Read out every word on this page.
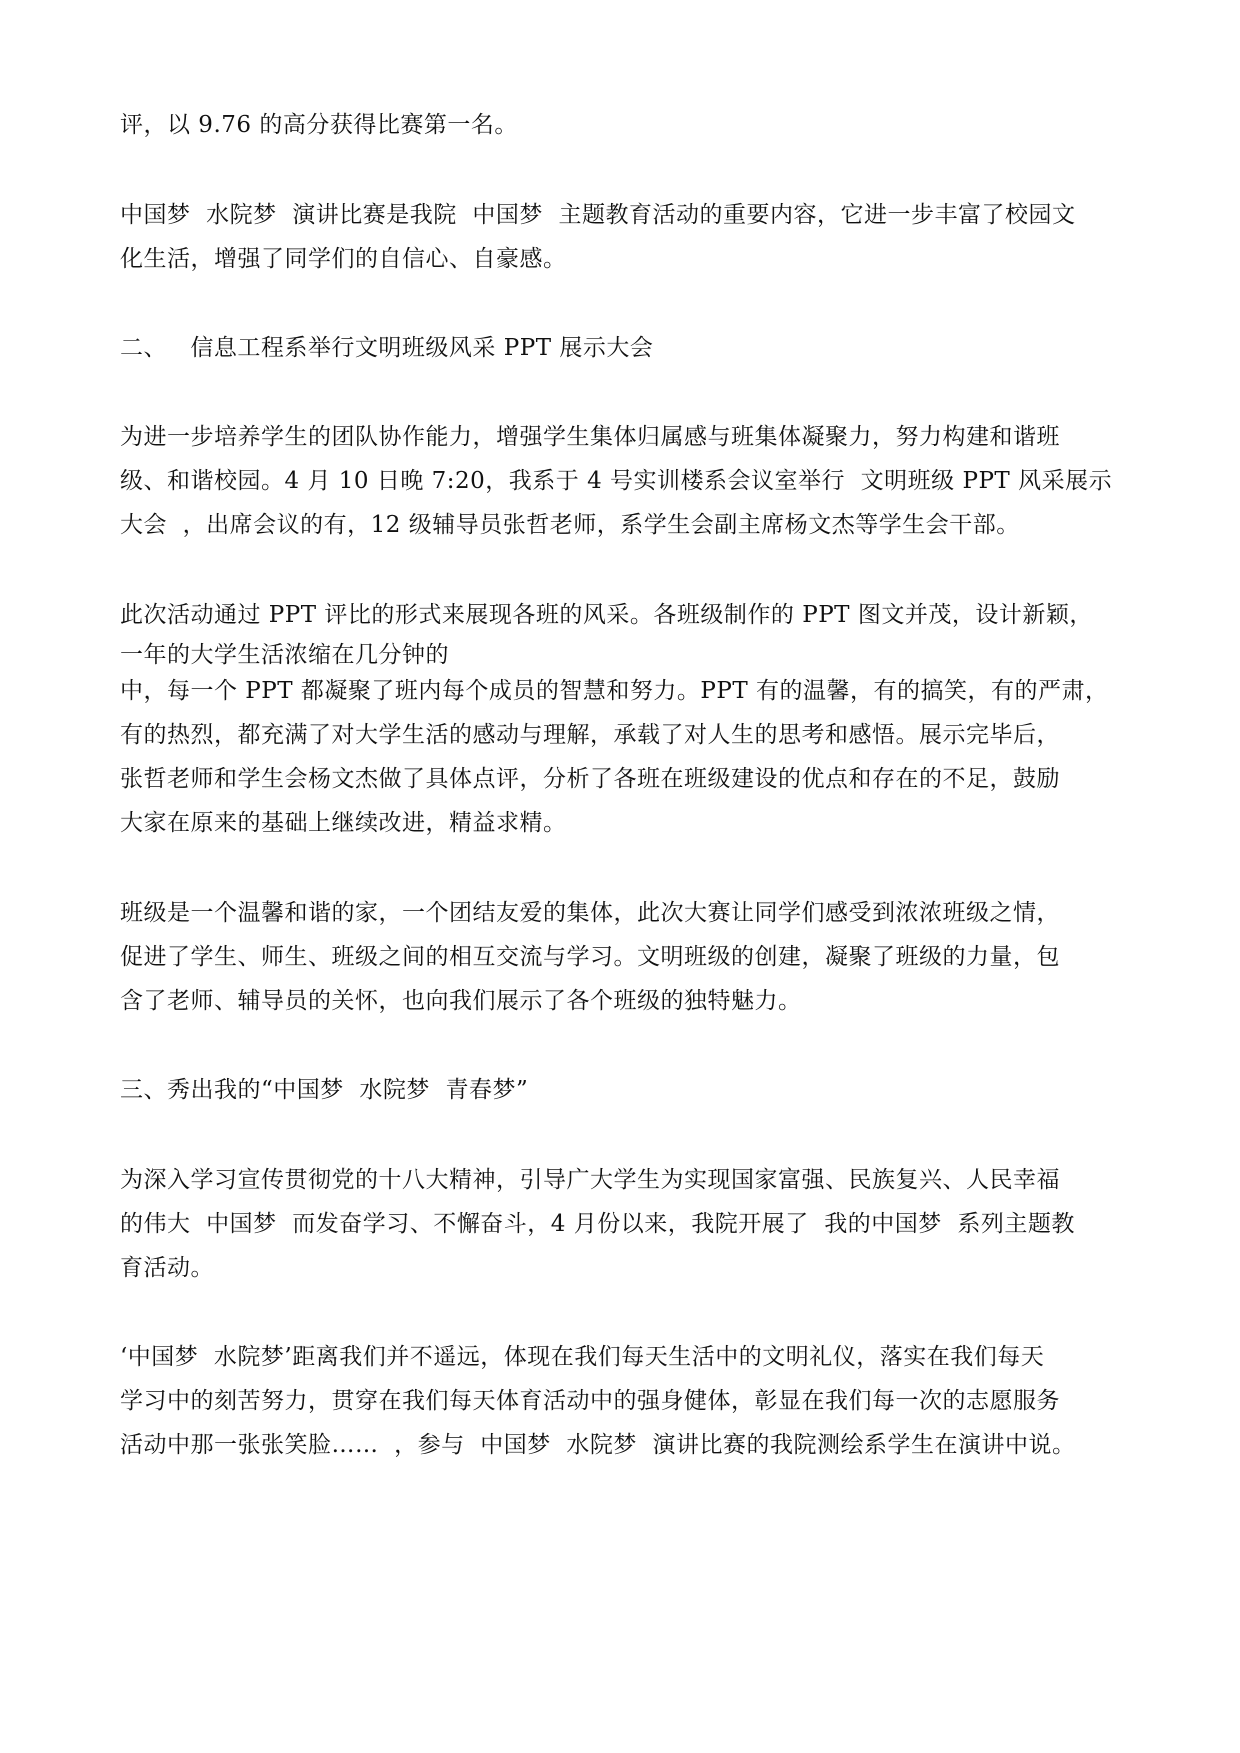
评，以 9.76 的高分获得比赛第一名。
中国梦  水院梦  演讲比赛是我院  中国梦  主题教育活动的重要内容，它进一步丰富了校园文
化生活，增强了同学们的自信心、自豪感。
二、   信息工程系举行文明班级风采 PPT 展示大会
为进一步培养学生的团队协作能力，增强学生集体归属感与班集体凝聚力，努力构建和谐班
级、和谐校园。4 月 10 日晚 7:20，我系于 4 号实训楼系会议室举行  文明班级 PPT 风采展示
大会  ，出席会议的有，12 级辅导员张哲老师，系学生会副主席杨文杰等学生会干部。
此次活动通过 PPT 评比的形式来展现各班的风采。各班级制作的 PPT 图文并茂，设计新颖，
一年的大学生活浓缩在几分钟的
中，每一个 PPT 都凝聚了班内每个成员的智慧和努力。PPT 有的温馨，有的搞笑，有的严肃，
有的热烈，都充满了对大学生活的感动与理解，承载了对人生的思考和感悟。展示完毕后，
张哲老师和学生会杨文杰做了具体点评，分析了各班在班级建设的优点和存在的不足，鼓励
大家在原来的基础上继续改进，精益求精。
班级是一个温馨和谐的家，一个团结友爱的集体，此次大赛让同学们感受到浓浓班级之情，
促进了学生、师生、班级之间的相互交流与学习。文明班级的创建，凝聚了班级的力量，包
含了老师、辅导员的关怀，也向我们展示了各个班级的独特魅力。
三、秀出我的“中国梦  水院梦  青春梦”
为深入学习宣传贯彻党的十八大精神，引导广大学生为实现国家富强、民族复兴、人民幸福
的伟大  中国梦  而发奋学习、不懈奋斗，4 月份以来，我院开展了  我的中国梦  系列主题教
育活动。
‘中国梦  水院梦’距离我们并不遥远，体现在我们每天生活中的文明礼仪，落实在我们每天
学习中的刻苦努力，贯穿在我们每天体育活动中的强身健体，彰显在我们每一次的志愿服务
活动中那一张张笑脸……  ，参与  中国梦  水院梦  演讲比赛的我院测绘系学生在演讲中说。
